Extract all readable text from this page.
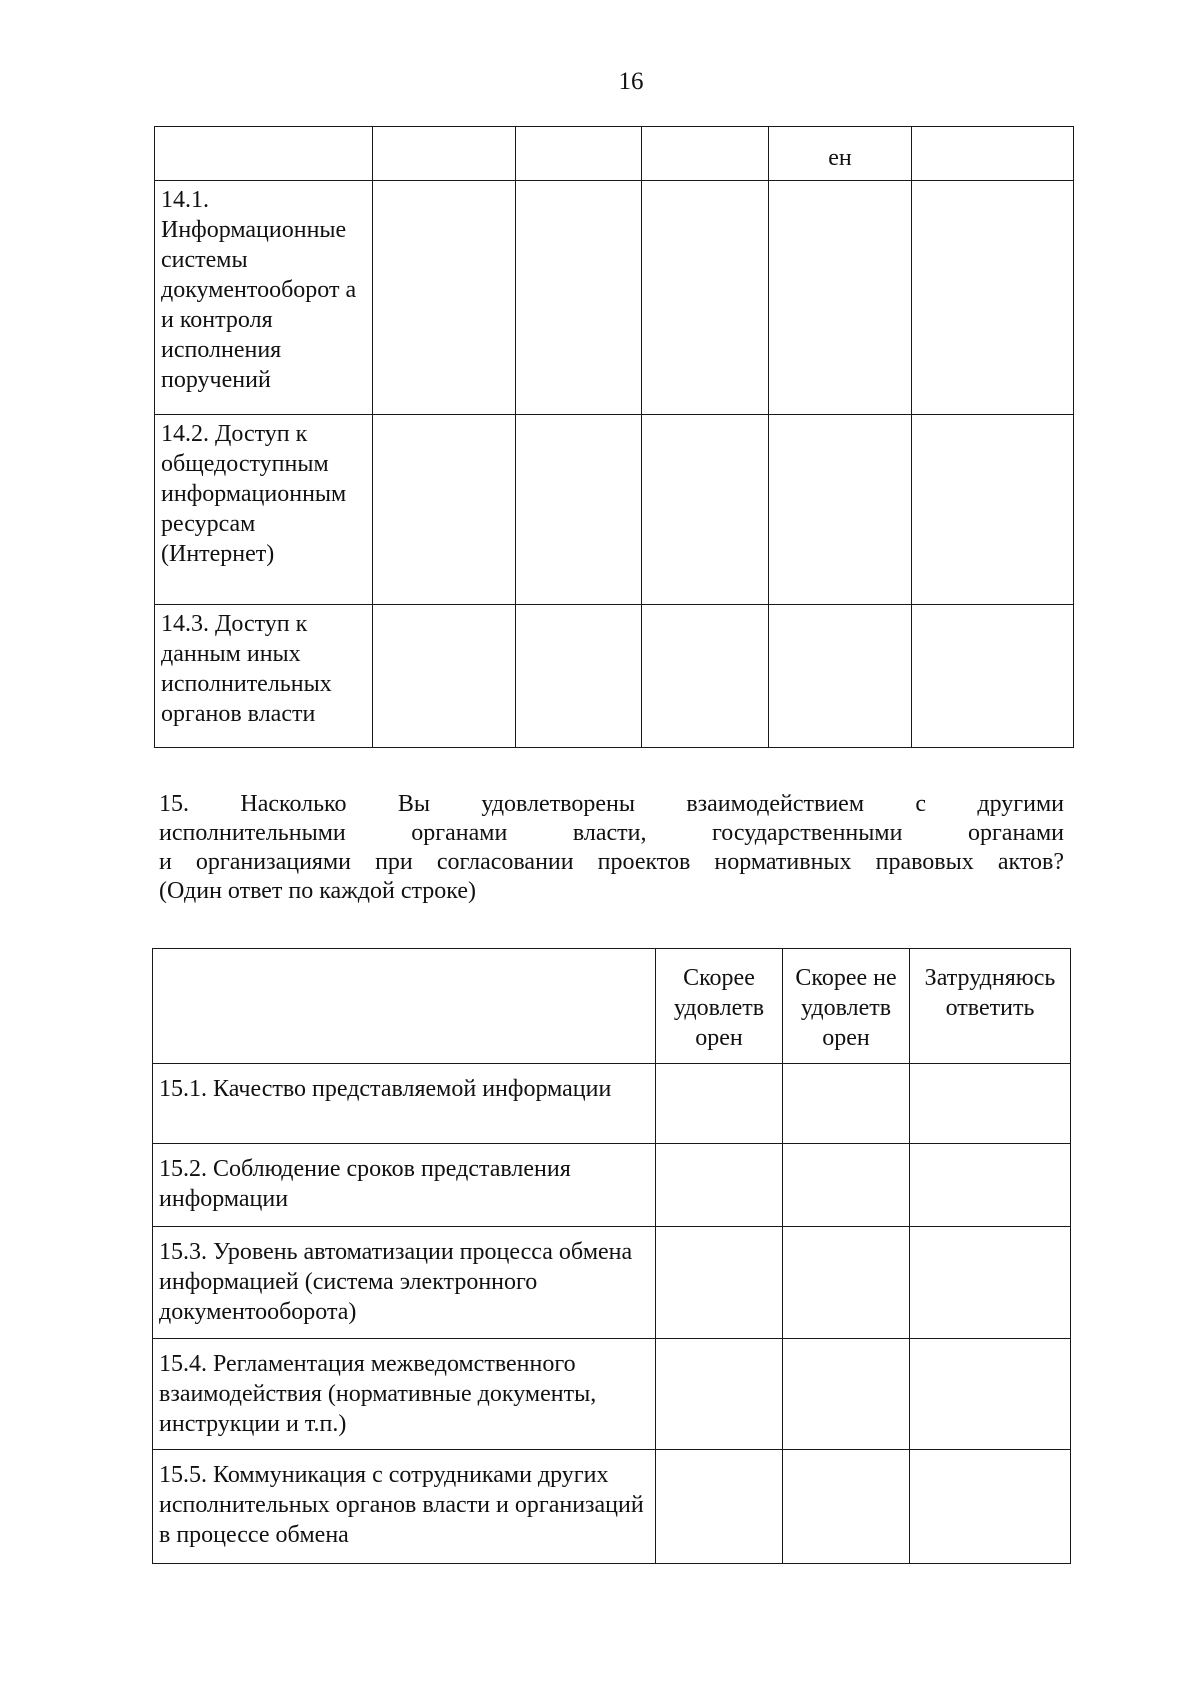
16
				ен	
14.1. Информационные системы документооборот а и контроля исполнения поручений					
14.2. Доступ к общедоступным информационным ресурсам (Интернет)					
14.3. Доступ к данным иных исполнительных органов власти					
15. Насколько Вы удовлетворены взаимодействием с другими
исполнительными органами власти, государственными органами
и организациями при согласовании проектов нормативных правовых актов?
(Один ответ по каждой строке)
	Скорее удовлетв орен	Скорее не удовлетв орен	Затрудняюсь ответить
15.1. Качество представляемой информации			
15.2. Соблюдение сроков представления информации			
15.3. Уровень автоматизации процесса обмена информацией (система электронного документооборота)			
15.4. Регламентация межведомственного взаимодействия (нормативные документы, инструкции и т.п.)			
15.5. Коммуникация с сотрудниками других исполнительных органов власти и организаций в процессе обмена			
